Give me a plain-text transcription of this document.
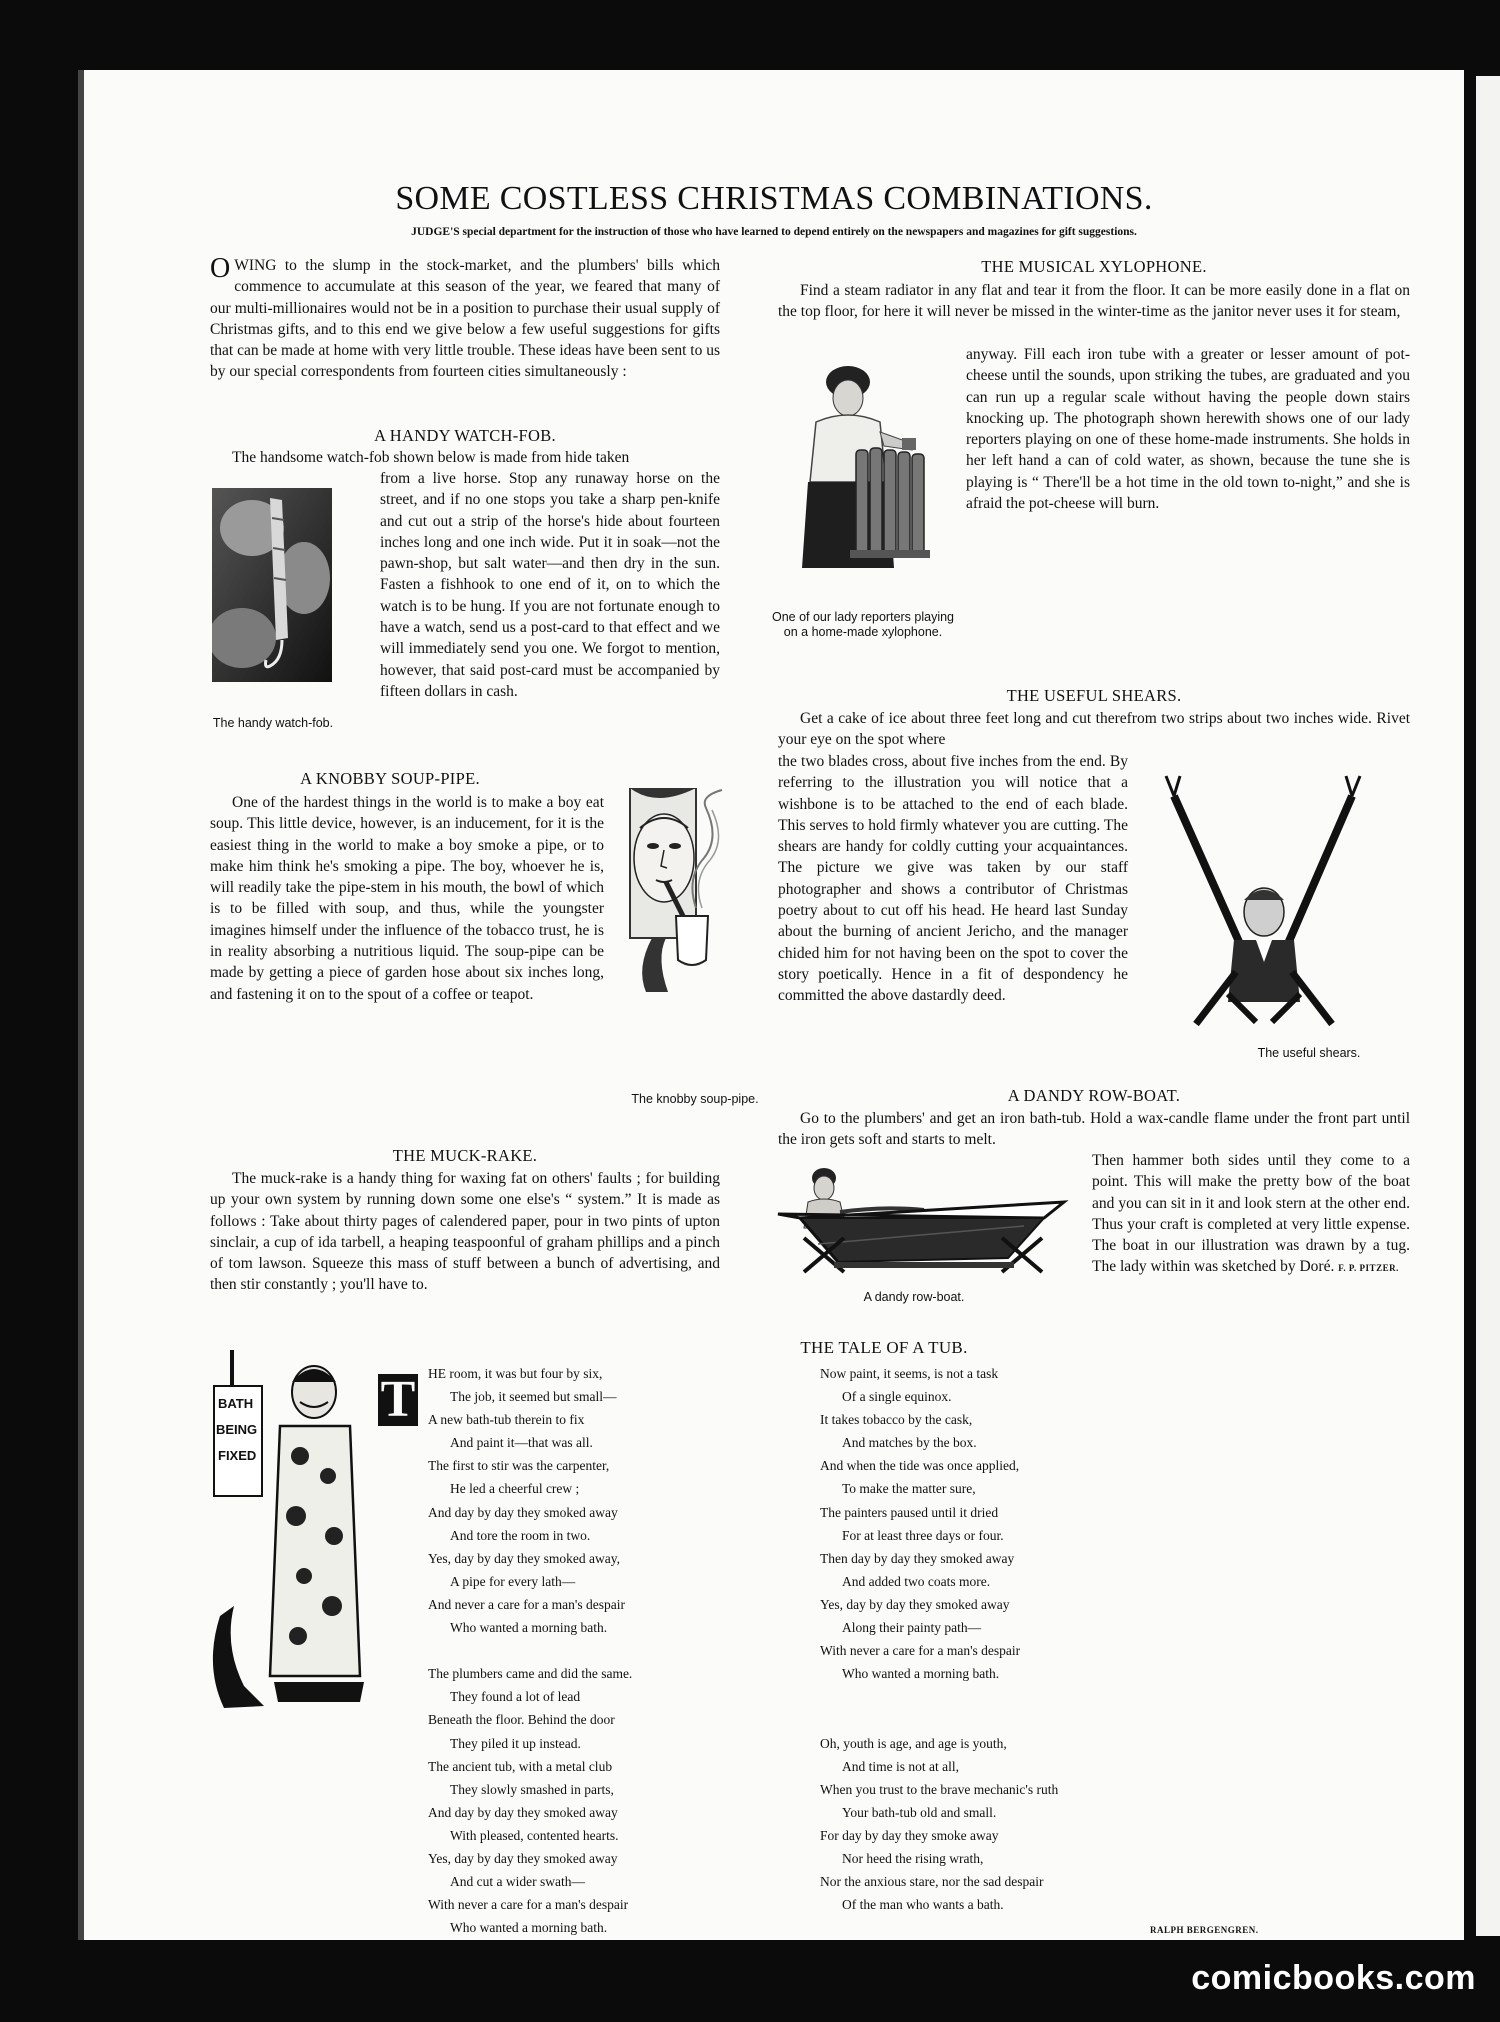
SOME COSTLESS CHRISTMAS COMBINATIONS.

JUDGE'S special department for the instruction of those who have learned to depend entirely on the newspapers and magazines for gift suggestions.

OWING to the slump in the stock-market, and the plumbers' bills which commence to accumulate at this season of the year, we feared that many of our multi-millionaires would not be in a position to purchase their usual supply of Christmas gifts, and to this end we give below a few useful suggestions for gifts that can be made at home with very little trouble. These ideas have been sent to us by our special correspondents from fourteen cities simultaneously :
A HANDY WATCH-FOB.

The handsome watch-fob shown below is made from hide taken

The handy watch-fob.

from a live horse. Stop any runaway horse on the street, and if no one stops you take a sharp pen-knife and cut out a strip of the horse's hide about fourteen inches long and one inch wide. Put it in soak—not the pawn-shop, but salt water—and then dry in the sun. Fasten a fishhook to one end of it, on to which the watch is to be hung. If you are not fortunate enough to have a watch, send us a post-card to that effect and we will immediately send you one. We forgot to mention, however, that said post-card must be accompanied by fifteen dollars in cash.

A KNOBBY SOUP-PIPE.

One of the hardest things in the world is to make a boy eat soup. This little device, however, is an inducement, for it is the easiest thing in the world to make a boy smoke a pipe, or to make him think he's smoking a pipe. The boy, whoever he is, will readily take the pipe-stem in his mouth, the bowl of which is to be filled with soup, and thus, while the youngster imagines himself under the influence of the tobacco trust, he is in reality absorbing a nutritious liquid. The soup-pipe can be made by getting a piece of garden hose about six inches long, and fastening it on to the spout of a coffee or teapot.

The knobby soup-pipe.

THE MUCK-RAKE.

The muck-rake is a handy thing for waxing fat on others' faults ; for building up your own system by running down some one else's “ system.” It is made as follows : Take about thirty pages of calendered paper, pour in two pints of upton sinclair, a cup of ida tarbell, a heaping teaspoonful of graham phillips and a pinch of tom lawson. Squeeze this mass of stuff between a bunch of advertising, and then stir constantly ; you'll have to.

THE MUSICAL XYLOPHONE.

Find a steam radiator in any flat and tear it from the floor. It can be more easily done in a flat on the top floor, for here it will never be missed in the winter-time as the janitor never uses it for steam,

One of our lady reporters playing on a home-made xylophone.

anyway. Fill each iron tube with a greater or lesser amount of pot-cheese until the sounds, upon striking the tubes, are graduated and you can run up a regular scale without having the people down stairs knocking up. The photograph shown herewith shows one of our lady reporters playing on one of these home-made instruments. She holds in her left hand a can of cold water, as shown, because the tune she is playing is “ There'll be a hot time in the old town to-night,” and she is afraid the pot-cheese will burn.

THE USEFUL SHEARS.

Get a cake of ice about three feet long and cut therefrom two strips about two inches wide. Rivet your eye on the spot where

the two blades cross, about five inches from the end. By referring to the illustration you will notice that a wishbone is to be attached to the end of each blade. This serves to hold firmly whatever you are cutting. The shears are handy for coldly cutting your acquaintances. The picture we give was taken by our staff photographer and shows a contributor of Christmas poetry about to cut off his head. He heard last Sunday about the burning of ancient Jericho, and the manager chided him for not having been on the spot to cover the story poetically. Hence in a fit of despondency he committed the above dastardly deed.

The useful shears.

A DANDY ROW-BOAT.

Go to the plumbers' and get an iron bath-tub. Hold a wax-candle flame under the front part until the iron gets soft and starts to melt.

A dandy row-boat.

Then hammer both sides until they come to a point. This will make the pretty bow of the boat and you can sit in it and look stern at the other end. Thus your craft is completed at very little expense. The boat in our illustration was drawn by a tug. The lady within was sketched by Doré. F. P. PITZER.

THE TALE OF A TUB.
BATH
BEING
FIXED
T HE room, it was but four by six,
The job, it seemed but small—
A new bath-tub therein to fix
And paint it—that was all.
The first to stir was the carpenter,
He led a cheerful crew ;
And day by day they smoked away
And tore the room in two.
Yes, day by day they smoked away,
A pipe for every lath—
And never a care for a man's despair
Who wanted a morning bath.

The plumbers came and did the same.
They found a lot of lead
Beneath the floor. Behind the door
They piled it up instead.
The ancient tub, with a metal club
They slowly smashed in parts,
And day by day they smoked away
With pleased, contented hearts.
Yes, day by day they smoked away
And cut a wider swath—
With never a care for a man's despair
Who wanted a morning bath.
Now paint, it seems, is not a task
Of a single equinox.
It takes tobacco by the cask,
And matches by the box.
And when the tide was once applied,
To make the matter sure,
The painters paused until it dried
For at least three days or four.
Then day by day they smoked away
And added two coats more.
Yes, day by day they smoked away
Along their painty path—
With never a care for a man's despair
Who wanted a morning bath.

Oh, youth is age, and age is youth,
And time is not at all,
When you trust to the brave mechanic's ruth
Your bath-tub old and small.
For day by day they smoke away
Nor heed the rising wrath,
Nor the anxious stare, nor the sad despair
Of the man who wants a bath.

RALPH BERGENGREN.

comicbooks.com
